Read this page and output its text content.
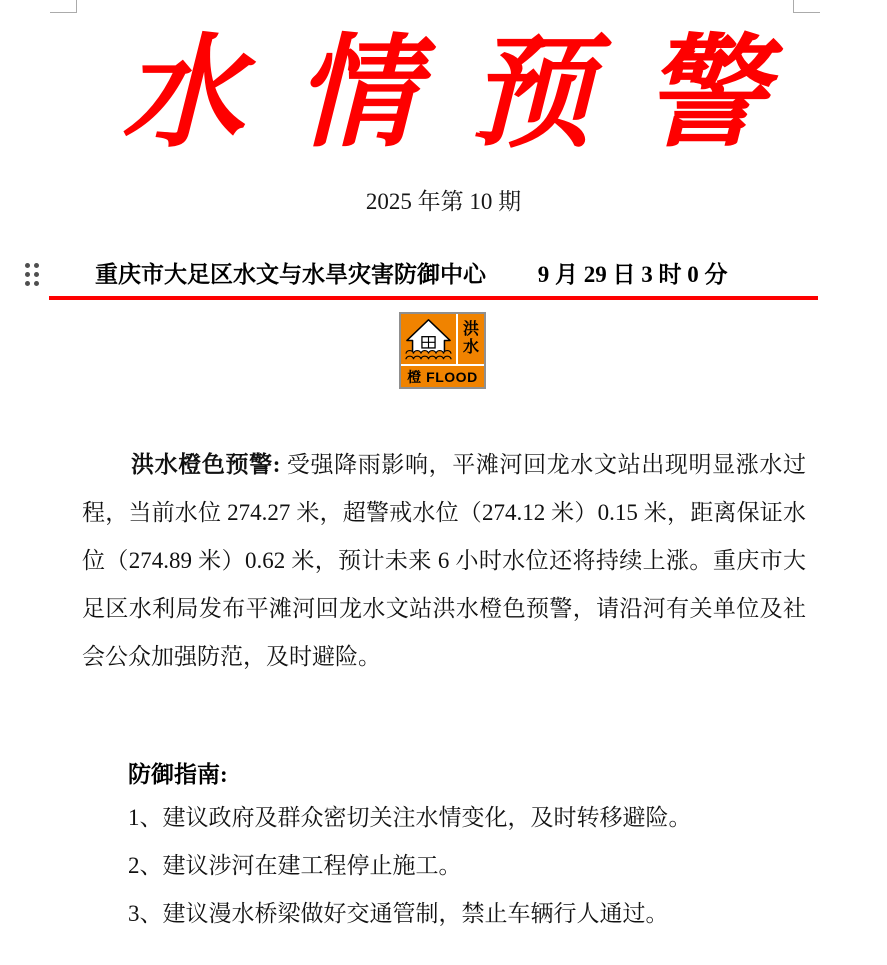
水情预警
2025 年第 10 期
重庆市大足区水文与水旱灾害防御中心 9 月 29 日 3 时 0 分
洪
水
橙 FLOOD
洪水橙色预警: 受强降雨影响，平滩河回龙水文站出现明显涨水过程，当前水位 274.27 米，超警戒水位（274.12 米）0.15 米，距离保证水位（274.89 米）0.62 米，预计未来 6 小时水位还将持续上涨。重庆市大足区水利局发布平滩河回龙水文站洪水橙色预警，请沿河有关单位及社会公众加强防范，及时避险。
防御指南:
1、建议政府及群众密切关注水情变化，及时转移避险。
2、建议涉河在建工程停止施工。
3、建议漫水桥梁做好交通管制，禁止车辆行人通过。
